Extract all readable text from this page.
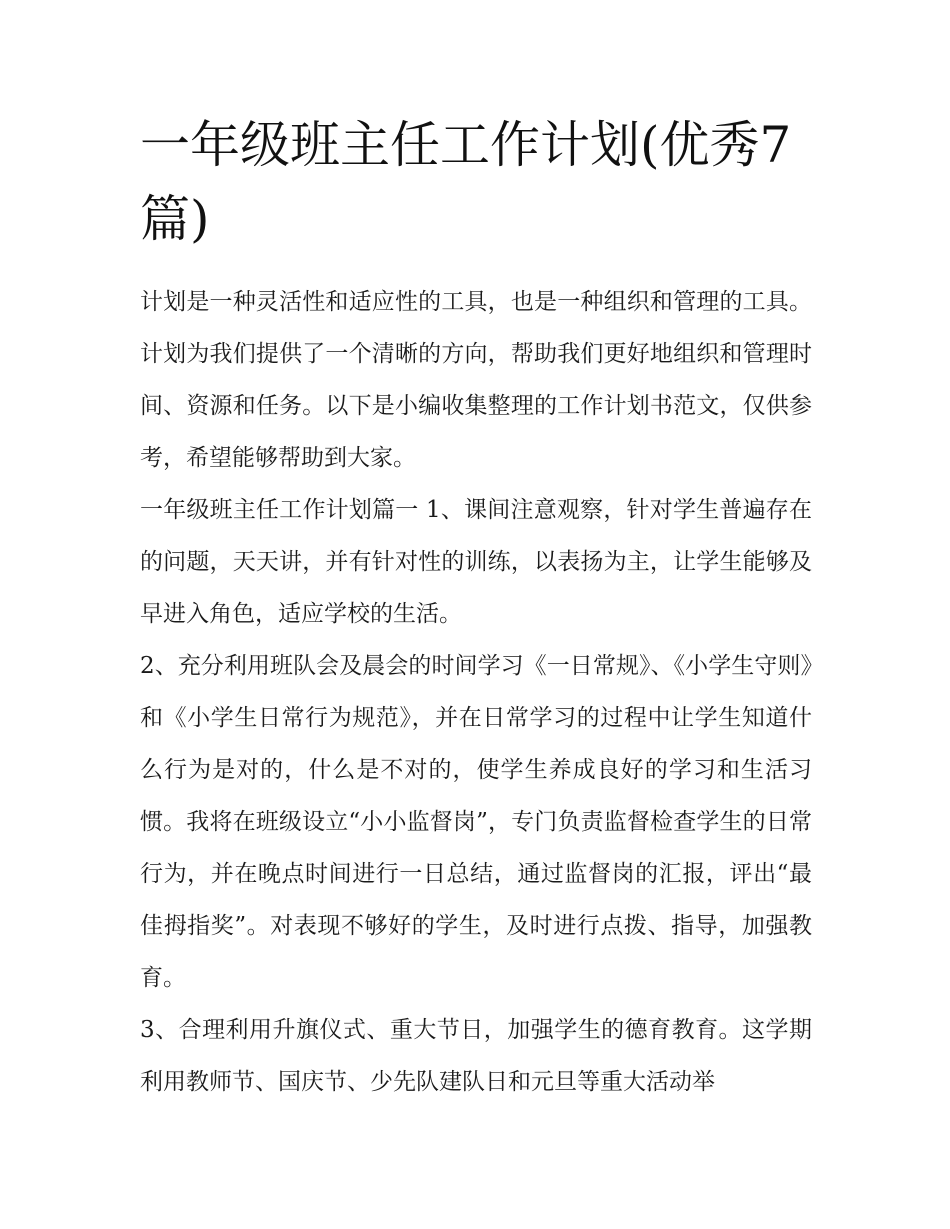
一年级班主任工作计划(优秀7篇)

计划是一种灵活性和适应性的工具，也是一种组织和管理的工具。计划为我们提供了一个清晰的方向，帮助我们更好地组织和管理时间、资源和任务。以下是小编收集整理的工作计划书范文，仅供参考，希望能够帮助到大家。

一年级班主任工作计划篇一 1、课间注意观察，针对学生普遍存在的问题，天天讲，并有针对性的训练，以表扬为主，让学生能够及早进入角色，适应学校的生活。

2、充分利用班队会及晨会的时间学习《一日常规》、《小学生守则》和《小学生日常行为规范》，并在日常学习的过程中让学生知道什么行为是对的，什么是不对的，使学生养成良好的学习和生活习惯。我将在班级设立“小小监督岗”，专门负责监督检查学生的日常行为，并在晚点时间进行一日总结，通过监督岗的汇报，评出“最佳拇指奖”。对表现不够好的学生，及时进行点拨、指导，加强教育。

3、合理利用升旗仪式、重大节日，加强学生的德育教育。这学期利用教师节、国庆节、少先队建队日和元旦等重大活动举
